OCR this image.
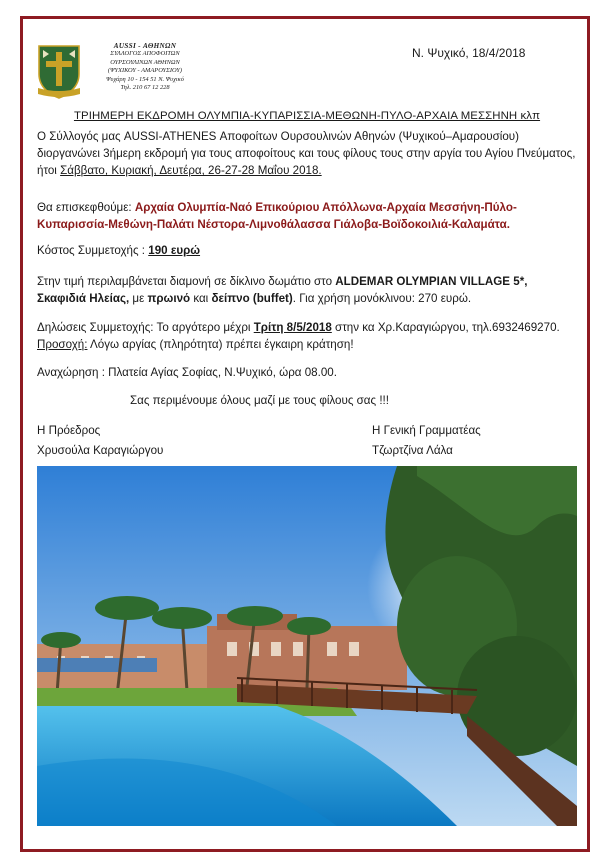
AUSSI - ΑΘΗΝΩΝ
ΣΥΛΛΟΓΟΣ ΑΠΟΦΟΙΤΩΝ
ΟΥΡΣΟΥΛΙΝΩΝ ΑΘΗΝΩΝ
(ΨΥΧΙΚΟΥ - ΑΜΑΡΟΥΣΙΟΥ)
Ψυχάρη 10 - 154 51 Ν. Ψυχικό
Τηλ. 210 67 12 228
Ν. Ψυχικό, 18/4/2018
ΤΡΙΗΜΕΡΗ ΕΚΔΡΟΜΗ ΟΛΥΜΠΙΑ-ΚΥΠΑΡΙΣΣΙΑ-ΜΕΘΩΝΗ-ΠΥΛΟ-ΑΡΧΑΙΑ ΜΕΣΣΗΝΗ κλπ
Ο Σύλλογός μας AUSSI-ATHENES Αποφοίτων Ουρσουλινών Αθηνών (Ψυχικού–Αμαρουσίου) διοργανώνει 3ήμερη εκδρομή για τους αποφοίτους και τους φίλους τους στην αργία του Αγίου Πνεύματος, ήτοι Σάββατο, Κυριακή, Δευτέρα, 26-27-28 Μαΐου 2018.
Θα επισκεφθούμε: Αρχαία Ολυμπία-Ναό Επικούριου Απόλλωνα-Αρχαία Μεσσήνη-Πύλο-Κυπαρισσία-Μεθώνη-Παλάτι Νέστορα-Λιμνοθάλασσα Γιάλοβα-Βοϊδοκοιλιά-Καλαμάτα.
Κόστος Συμμετοχής : 190 ευρώ
Στην τιμή περιλαμβάνεται διαμονή σε δίκλινο δωμάτιο στο ALDEMAR OLYMPIAN VILLAGE 5*, Σκαφιδιά Ηλείας, με πρωινό και δείπνο (buffet). Για χρήση μονόκλινου: 270 ευρώ.
Δηλώσεις Συμμετοχής: Το αργότερο μέχρι Τρίτη 8/5/2018 στην κα Χρ.Καραγιώργου, τηλ.6932469270. Προσοχή: Λόγω αργίας (πληρότητα) πρέπει έγκαιρη κράτηση!
Αναχώρηση : Πλατεία Αγίας Σοφίας, Ν.Ψυχικό, ώρα 08.00.
Σας περιμένουμε όλους μαζί με τους φίλους σας !!!
Η Πρόεδρος
Χρυσούλα Καραγιώργου
Η Γενική Γραμματέας
Τζωρτζίνα Λάλα
